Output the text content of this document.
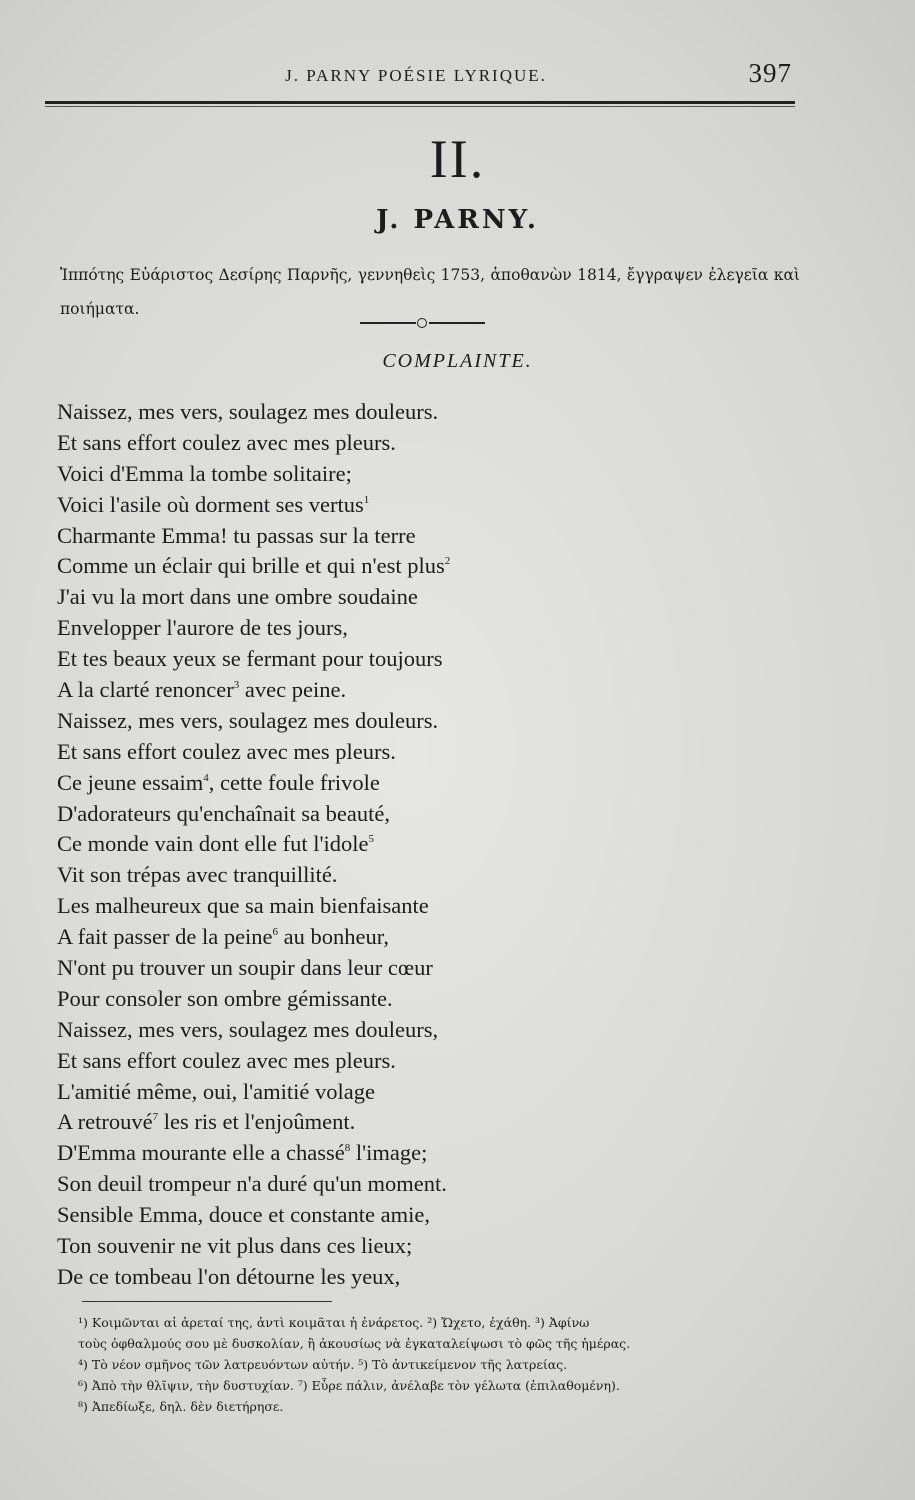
J. PARNY POÉSIE LYRIQUE.	397
II.
J. PARNY.
Ἱππότης Εὐάριστος Δεσίρης Παρνῆς, γεννηθεὶς 1753, ἀποθανὼν 1814, ἔγγραψεν ἐλεγεῖα καὶ ποιήματα.
COMPLAINTE.
Naissez, mes vers, soulagez mes douleurs.
Et sans effort coulez avec mes pleurs.
Voici d'Emma la tombe solitaire;
Voici l'asile où dorment ses vertus$^1$
Charmante Emma! tu passas sur la terre
Comme un éclair qui brille et qui n'est plus$^2$
J'ai vu la mort dans une ombre soudaine
Envelopper l'aurore de tes jours,
Et tes beaux yeux se fermant pour toujours
A la clarté renoncer$^3$ avec peine.
Naissez, mes vers, soulagez mes douleurs.
Et sans effort coulez avec mes pleurs.
Ce jeune essaim$^4$, cette foule frivole
D'adorateurs qu'enchaînait sa beauté,
Ce monde vain dont elle fut l'idole$^5$
Vit son trépas avec tranquillité.
Les malheureux que sa main bienfaisante
A fait passer de la peine$^6$ au bonheur,
N'ont pu trouver un soupir dans leur cœur
Pour consoler son ombre gémissante.
Naissez, mes vers, soulagez mes douleurs,
Et sans effort coulez avec mes pleurs.
L'amitié même, oui, l'amitié volage
A retrouvé$^7$ les ris et l'enjoûment.
D'Emma mourante elle a chassé$^8$ l'image;
Son deuil trompeur n'a duré qu'un moment.
Sensible Emma, douce et constante amie,
Ton souvenir ne vit plus dans ces lieux;
De ce tombeau l'on détourne les yeux,
¹) Κοιμῶνται αἱ ἀρεταί της, ἀντὶ κοιμᾶται ἡ ἐνάρετος. ²) Ὤχετο, ἐχάθη. ³) Ἀφίνω
τοὺς ὀφθαλμούς σου μὲ δυσκολίαν, ἢ ἀκουσίως νὰ ἐγκαταλείψωσι τὸ φῶς τῆς ἡμέρας.
⁴) Τὸ νέον σμῆνος τῶν λατρευόντων αὐτήν. ⁵) Τὸ ἀντικείμενον τῆς λατρείας.
⁶) Ἀπὸ τὴν θλῖψιν, τὴν δυστυχίαν. ⁷) Εὗρε πάλιν, ἀνέλαβε τὸν γέλωτα (ἐπιλαθομένη).
⁸) Ἀπεδίωξε, δηλ. δὲν διετήρησε.
